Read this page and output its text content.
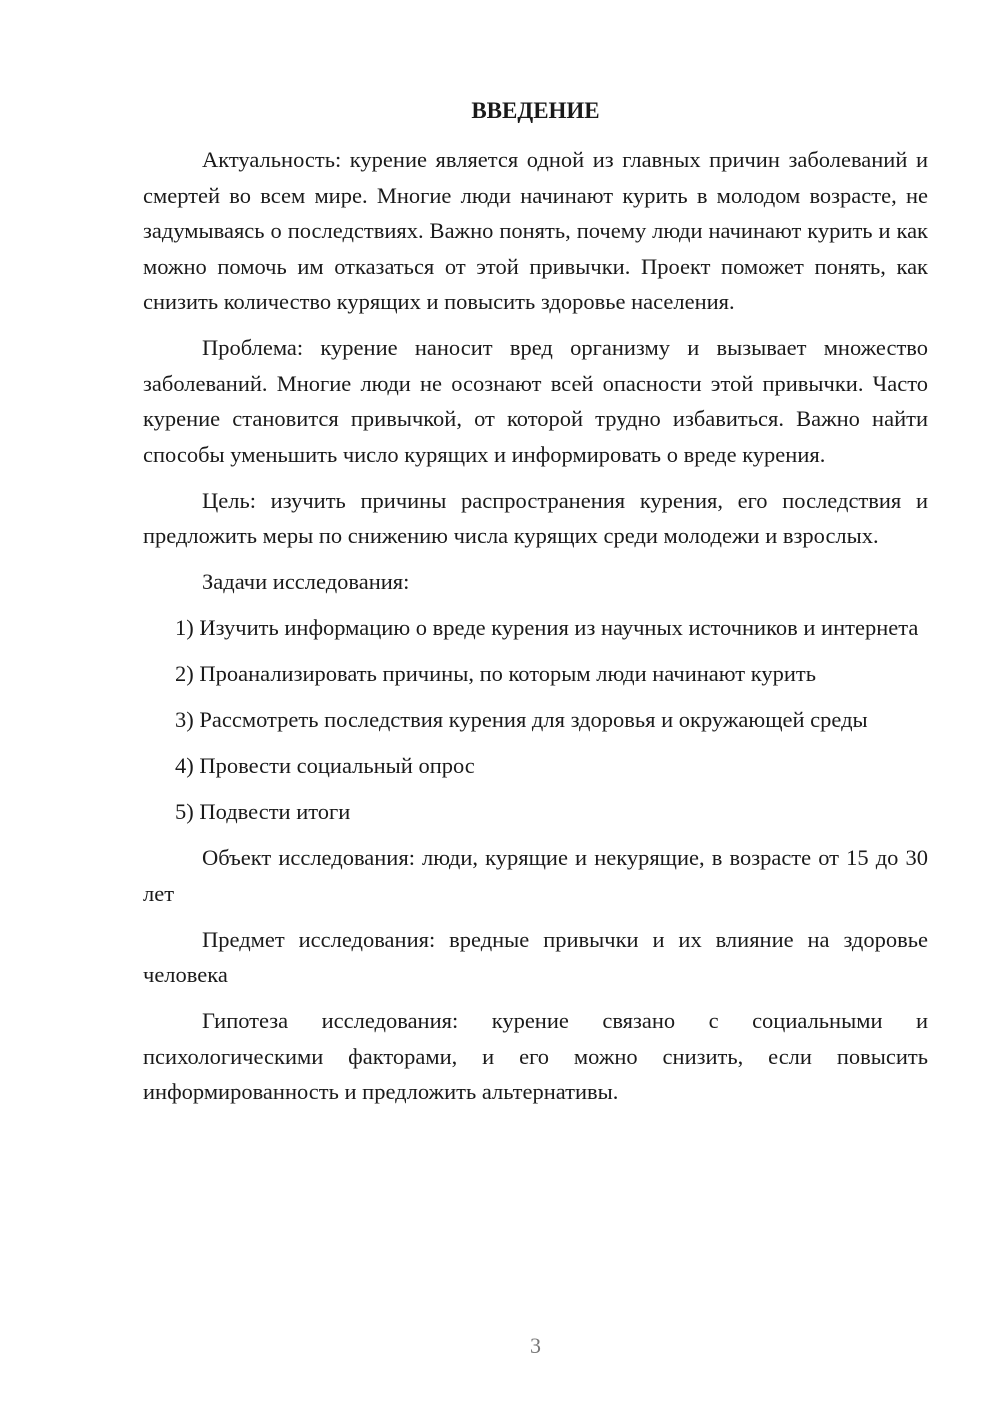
ВВЕДЕНИЕ

Актуальность: курение является одной из главных причин заболеваний и смертей во всем мире. Многие люди начинают курить в молодом возрасте, не задумываясь о последствиях. Важно понять, почему люди начинают курить и как можно помочь им отказаться от этой привычки. Проект поможет понять, как снизить количество курящих и повысить здоровье населения.

Проблема: курение наносит вред организму и вызывает множество заболеваний. Многие люди не осознают всей опасности этой привычки. Часто курение становится привычкой, от которой трудно избавиться. Важно найти способы уменьшить число курящих и информировать о вреде курения.

Цель: изучить причины распространения курения, его последствия и предложить меры по снижению числа курящих среди молодежи и взрослых.

Задачи исследования:

1) Изучить информацию о вреде курения из научных источников и интернета

2) Проанализировать причины, по которым люди начинают курить

3) Рассмотреть последствия курения для здоровья и окружающей среды

4) Провести социальный опрос

5) Подвести итоги

Объект исследования: люди, курящие и некурящие, в возрасте от 15 до 30 лет

Предмет исследования: вредные привычки и их влияние на здоровье человека

Гипотеза исследования: курение связано с социальными и психологическими факторами, и его можно снизить, если повысить информированность и предложить альтернативы.

3
